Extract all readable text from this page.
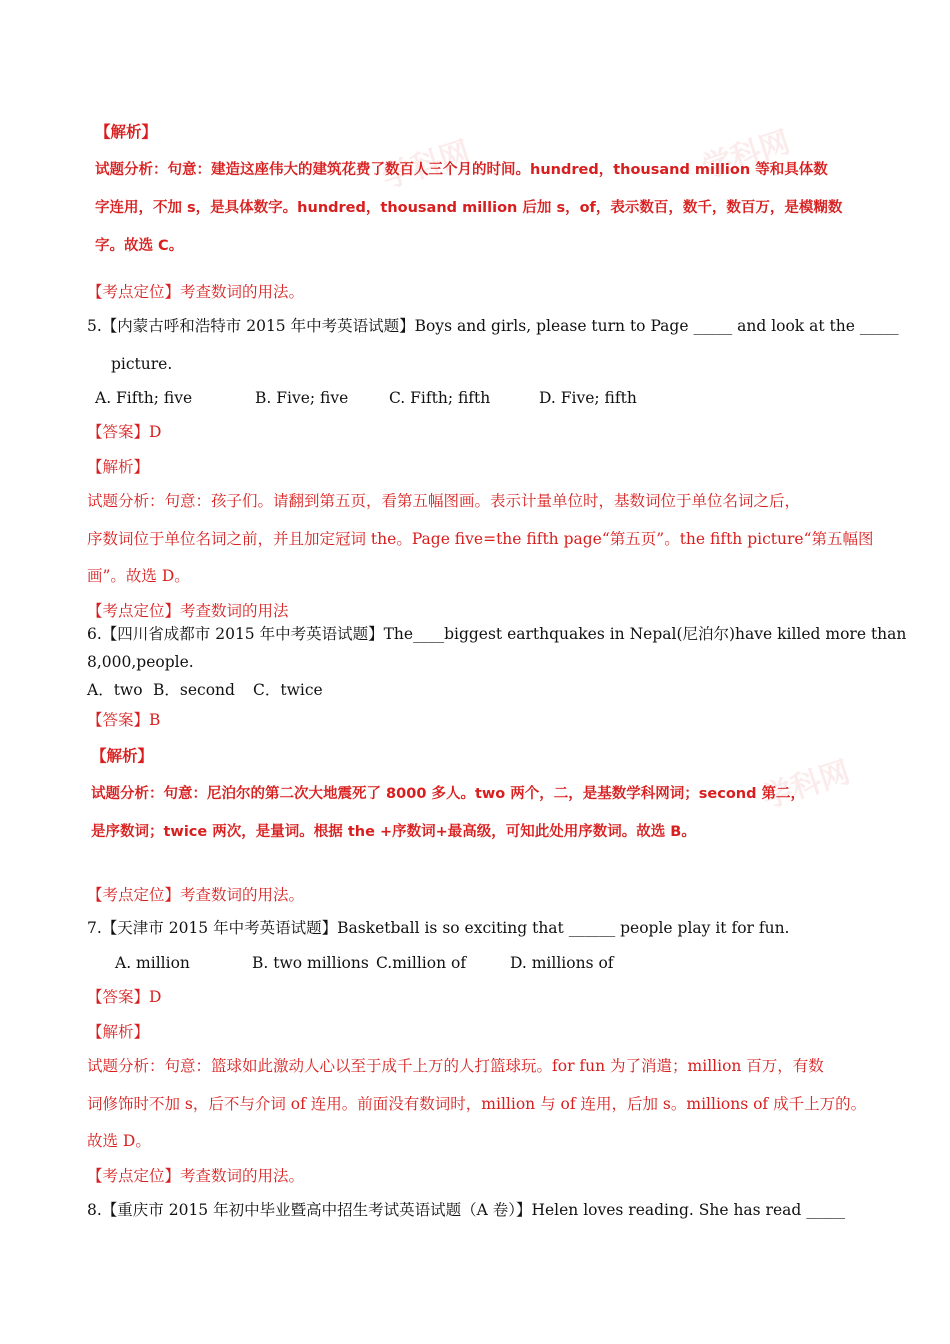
学科网	学科网
学科网
【解析】
试题分析：句意：建造这座伟大的建筑花费了数百人三个月的时间。hundred，thousand million 等和具体数
字连用，不加 s，是具体数字。hundred，thousand million 后加 s，of，表示数百，数千，数百万，是模糊数
字。故选 C。
【考点定位】考查数词的用法。
5.【内蒙古呼和浩特市 2015 年中考英语试题】Boys and girls, please turn to Page _____ and look at the _____
picture.
A. Fifth; five	B. Five; five	C. Fifth; fifth	D. Five; fifth
【答案】D
【解析】
试题分析：句意：孩子们。请翻到第五页，看第五幅图画。表示计量单位时，基数词位于单位名词之后，
序数词位于单位名词之前，并且加定冠词 the。Page five=the fifth page“第五页”。the fifth picture“第五幅图
画”。故选 D。
【考点定位】考查数词的用法
6.【四川省成都市 2015 年中考英语试题】The____biggest earthquakes in Nepal(尼泊尔)have killed more than
8,000,people.
A．two B．second C．twice
【答案】B
【解析】
试题分析：句意：尼泊尔的第二次大地震死了 8000 多人。two 两个，二，是基数学科网词；second 第二，
是序数词；twice 两次，是量词。根据 the +序数词+最高级，可知此处用序数词。故选 B。
【考点定位】考查数词的用法。
7.【天津市 2015 年中考英语试题】Basketball is so exciting that ______ people play it for fun.
A. million	B. two millions C.million of	D. millions of
【答案】D
【解析】
试题分析：句意：篮球如此激动人心以至于成千上万的人打篮球玩。for fun 为了消遣；million 百万，有数
词修饰时不加 s，后不与介词 of 连用。前面没有数词时，million 与 of 连用，后加 s。millions of 成千上万的。
故选 D。
【考点定位】考查数词的用法。
8.【重庆市 2015 年初中毕业暨高中招生考试英语试题（A 卷）】Helen loves reading. She has read _____
